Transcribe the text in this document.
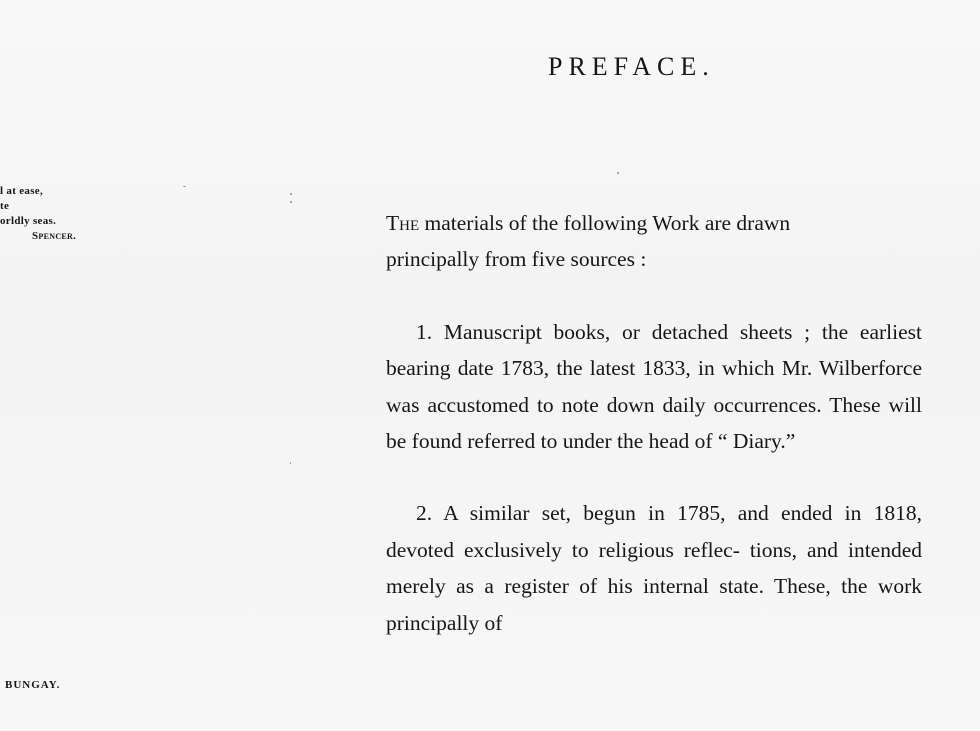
l at ease,
te
orldly seas.
Spencer.
BUNGAY.
PREFACE.

The materials of the following Work are drawn
principally from five sources :

1. Manuscript books, or detached sheets ; the earliest bearing date 1783, the latest 1833, in which Mr. Wilberforce was accustomed to note down daily occurrences. These will be found referred to under the head of “ Diary.”

2. A similar set, begun in 1785, and ended in 1818, devoted exclusively to religious reflec- tions, and intended merely as a register of his internal state. These, the work principally of
